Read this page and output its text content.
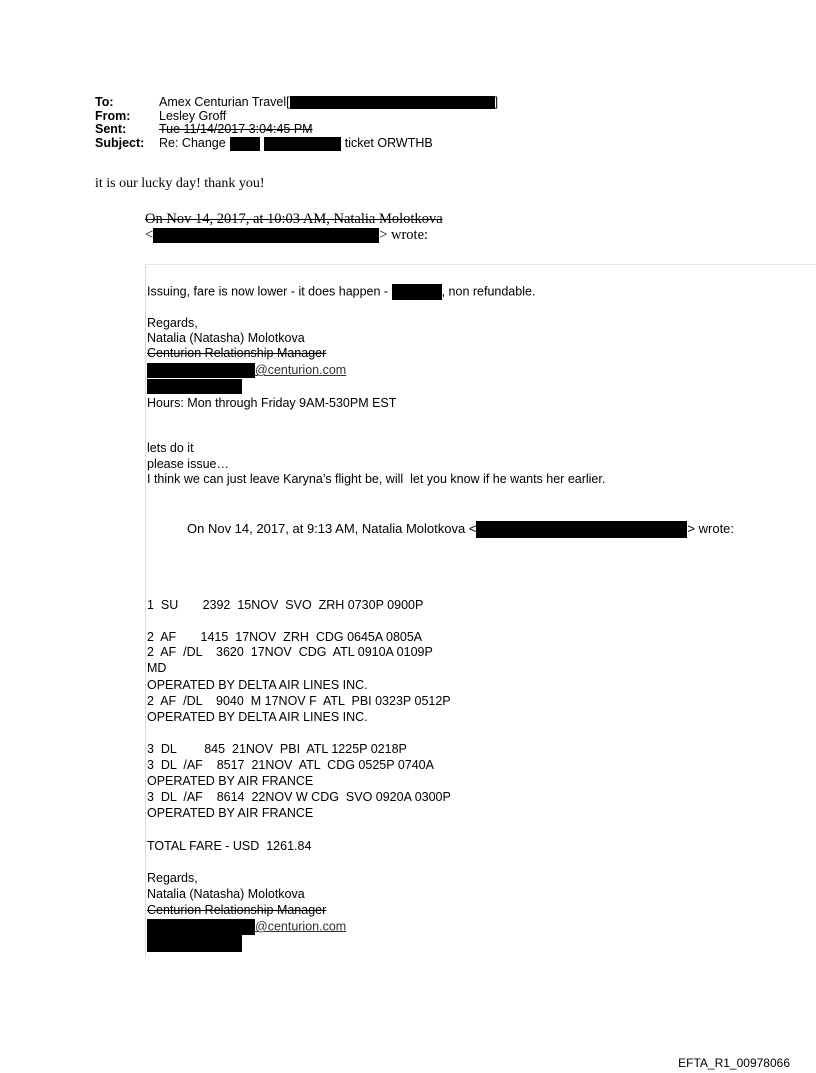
To:	Amex Centurian Travel[	]
From:	Lesley Groff
Sent:	Tue 11/14/2017 3:04:45 PM
Subject:	Re: Change	ticket ORWTHB
it is our lucky day! thank you!
On Nov 14, 2017, at 10:03 AM, Natalia Molotkova
<	> wrote:
Issuing, fare is now lower - it does happen -	, non refundable.
Regards,
Natalia (Natasha) Molotkova
Centurion Relationship Manager
@centurion.com
Hours: Mon through Friday 9AM-530PM EST
lets do it
please issue…
I think we can just leave Karyna’s flight be, will  let you know if he wants her earlier.
On Nov 14, 2017, at 9:13 AM, Natalia Molotkova <	> wrote:
1  SU       2392  15NOV  SVO  ZRH 0730P 0900P
2  AF       1415  17NOV  ZRH  CDG 0645A 0805A
2  AF  /DL    3620  17NOV  CDG  ATL 0910A 0109P
MD
OPERATED BY DELTA AIR LINES INC.
2  AF  /DL    9040  M 17NOV F  ATL  PBI 0323P 0512P
OPERATED BY DELTA AIR LINES INC.
3  DL        845  21NOV  PBI  ATL 1225P 0218P
3  DL  /AF    8517  21NOV  ATL  CDG 0525P 0740A
OPERATED BY AIR FRANCE
3  DL  /AF    8614  22NOV W CDG  SVO 0920A 0300P
OPERATED BY AIR FRANCE
TOTAL FARE - USD  1261.84
Regards,
Natalia (Natasha) Molotkova
Centurion Relationship Manager
@centurion.com
EFTA_R1_00978066
